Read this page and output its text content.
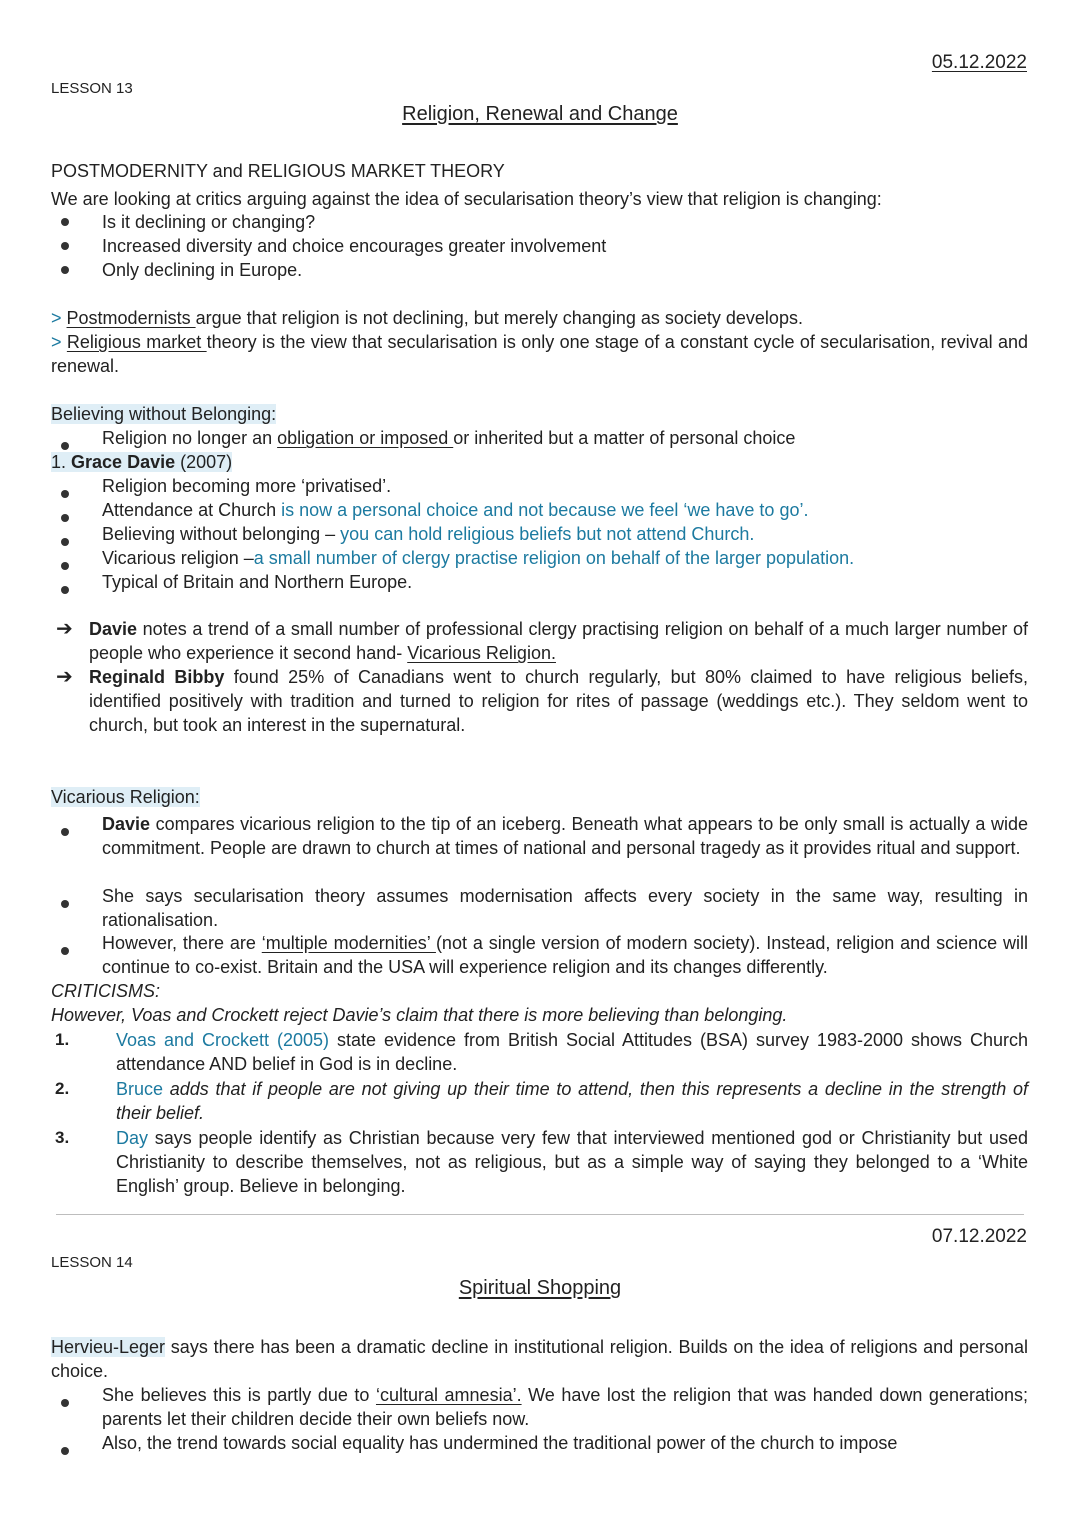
05.12.2022
LESSON 13
Religion, Renewal and Change
POSTMODERNITY and RELIGIOUS MARKET THEORY
We are looking at critics arguing against the idea of secularisation theory’s view that religion is changing:
Is it declining or changing?
Increased diversity and choice encourages greater involvement
Only declining in Europe.
> Postmodernists argue that religion is not declining, but merely changing as society develops.
> Religious market theory is the view that secularisation is only one stage of a constant cycle of secularisation, revival and renewal.
Believing without Belonging:
Religion no longer an obligation or imposed or inherited but a matter of personal choice
1. Grace Davie (2007)
Religion becoming more ‘privatised’.
Attendance at Church is now a personal choice and not because we feel ‘we have to go’.
Believing without belonging – you can hold religious beliefs but not attend Church.
Vicarious religion –a small number of clergy practise religion on behalf of the larger population.
Typical of Britain and Northern Europe.
➔ Davie notes a trend of a small number of professional clergy practising religion on behalf of a much larger number of people who experience it second hand- Vicarious Religion.
➔ Reginald Bibby found 25% of Canadians went to church regularly, but 80% claimed to have religious beliefs, identified positively with tradition and turned to religion for rites of passage (weddings etc.). They seldom went to church, but took an interest in the supernatural.
Vicarious Religion:
Davie compares vicarious religion to the tip of an iceberg. Beneath what appears to be only small is actually a wide commitment. People are drawn to church at times of national and personal tragedy as it provides ritual and support.
She says secularisation theory assumes modernisation affects every society in the same way, resulting in rationalisation.
However, there are ‘multiple modernities’ (not a single version of modern society). Instead, religion and science will continue to co-exist. Britain and the USA will experience religion and its changes differently.
CRITICISMS:
However, Voas and Crockett reject Davie’s claim that there is more believing than belonging.
1.	Voas and Crockett (2005) state evidence from British Social Attitudes (BSA) survey 1983-2000 shows Church attendance AND belief in God is in decline.
2.	Bruce adds that if people are not giving up their time to attend, then this represents a decline in the strength of their belief.
3.	Day says people identify as Christian because very few that interviewed mentioned god or Christianity but used Christianity to describe themselves, not as religious, but as a simple way of saying they belonged to a ‘White English’ group. Believe in belonging.
07.12.2022
LESSON 14
Spiritual Shopping
Hervieu-Leger says there has been a dramatic decline in institutional religion. Builds on the idea of religions and personal choice.
She believes this is partly due to ‘cultural amnesia’. We have lost the religion that was handed down generations; parents let their children decide their own beliefs now.
Also, the trend towards social equality has undermined the traditional power of the church to impose
